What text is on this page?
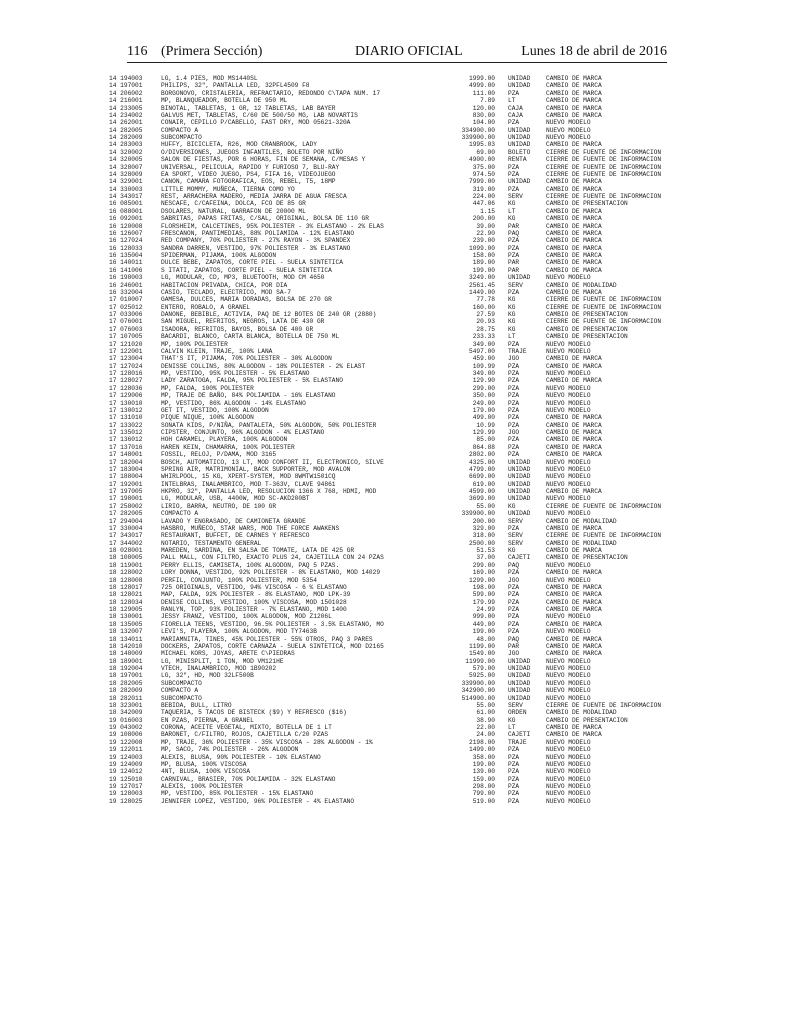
116 (Primera Sección)	DIARIO OFICIAL	Lunes 18 de abril de 2016
14 194003	LG, 1.4 PIES, MOD MS1440SL	1999.00 UNIDAD	CAMBIO DE MARCA
14 197001	PHILIPS, 32", PANTALLA LED, 32PFL4509 F8	4999.00 UNIDAD	CAMBIO DE MARCA
14 206002	BORGONOVO, CRISTALERIA, REFRACTARIO, REDONDO C\TAPA NUM. 17	111.00 PZA	CAMBIO DE MARCA
14 216001	MP, BLANQUEADOR, BOTELLA DE 950 ML	7.89 LT	CAMBIO DE MARCA
14 233005	BINOTAL, TABLETAS, 1 GR, 12 TABLETAS, LAB BAYER	120.00 CAJA	CAMBIO DE MARCA
14 234002	GALVUS MET, TABLETAS, C/60 DE 500/50 MG, LAB NOVARTIS	830.00 CAJA	CAMBIO DE MARCA
14 262001	CONAIR, CEPILLO P/CABELLO, FAST DRY, MOD 05621-320A	104.00 PZA	NUEVO MODELO
14 282005	COMPACTO A	334900.00 UNIDAD	NUEVO MODELO
14 282009	SUBCOMPACTO	339900.00 UNIDAD	NUEVO MODELO
14 283003	HUFFY, BICICLETA, R26, MOD CRANBROOK, LADY	1995.03 UNIDAD	CAMBIO DE MARCA
14 320002	O/DIVERSIONES, JUEGOS INFANTILES, BOLETO POR NIÑO	69.00 BOLETO	CIERRE DE FUENTE DE INFORMACION
14 320005	SALON DE FIESTAS, POR 6 HORAS, FIN DE SEMANA, C/MESAS Y	4900.00 RENTA	CIERRE DE FUENTE DE INFORMACION
14 328007	UNIVERSAL, PELICULA, RAPIDO Y FURIOSO 7, BLU-RAY	375.00 PZA	CIERRE DE FUENTE DE INFORMACION
14 328009	EA SPORT, VIDEO JUEGO, PS4, FIFA 16, VIDEOJUEGO	974.50 PZA	CIERRE DE FUENTE DE INFORMACION
14 329001	CANON, CAMARA FOTOGRAFICA, EOS, REBEL, T5, 18MP	7999.00 UNIDAD	CAMBIO DE MARCA
14 330003	LITTLE MOMMY, MUÑECA, TIERNA COMO YO	319.00 PZA	CAMBIO DE MARCA
14 343017	REST, ARRACHERA MADERO, MEDIA JARRA DE AGUA FRESCA	224.00 SERV	CIERRE DE FUENTE DE INFORMACION
16 085001	NESCAFE, C/CAFEINA, DOLCA, FCO DE 85 GR	447.06 KG	CAMBIO DE PRESENTACION
16 088001	DSOLARES, NATURAL, GARRAFON DE 20000 ML	1.15 LT	CAMBIO DE MARCA
16 092001	SABRITAS, PAPAS FRITAS, C/SAL, ORIGINAL, BOLSA DE 110 GR	200.00 KG	CAMBIO DE MARCA
16 120008	FLORSHEIM, CALCETINES, 95% POLIESTER - 3% ELASTANO - 2% ELAS	39.00 PAR	CAMBIO DE MARCA
16 126007	FRESCANON, PANTIMEDIAS, 88% POLIAMIDA - 12% ELASTANO	22.90 PAQ	CAMBIO DE MARCA
16 127024	RED COMPANY, 70% POLIESTER - 27% RAYON - 3% SPANDEX	239.00 PZA	CAMBIO DE MARCA
16 128033	SANDRA DARREN, VESTIDO, 97% POLIESTER - 3% ELASTANO	1099.00 PZA	CAMBIO DE MARCA
16 135004	SPIDERMAN, PIJAMA, 100% ALGODON	158.00 PZA	CAMBIO DE MARCA
16 140011	DULCE BEBE, ZAPATOS, CORTE PIEL - SUELA SINTETICA	189.00 PAR	CAMBIO DE MARCA
16 141006	S ITATI, ZAPATOS, CORTE PIEL - SUELA SINTETICA	199.00 PAR	CAMBIO DE MARCA
16 198003	LG, MODULAR, CD, MP3, BLUETOOTH, MOD CM 4650	3249.00 UNIDAD	NUEVO MODELO
16 246001	HABITACION PRIVADA, CHICA, POR DIA	2561.45 SERV	CAMBIO DE MODALIDAD
16 332004	CASIO, TECLADO, ELECTRICO, MOD SA-7	1449.00 PZA	CAMBIO DE MARCA
17 010007	GAMESA, DULCES, MARIA DORADAS, BOLSA DE 270 GR	77.78 KG	CIERRE DE FUENTE DE INFORMACION
17 025012	ENTERO, ROBALO, A GRANEL	160.00 KG	CIERRE DE FUENTE DE INFORMACION
17 033006	DANONE, BEBIBLE, ACTIVIA, PAQ DE 12 BOTES DE 240 GR (2880)	27.59 KG	CAMBIO DE PRESENTACION
17 076001	SAN MIGUEL, REFRITOS, NEGROS, LATA DE 430 GR	20.93 KG	CIERRE DE FUENTE DE INFORMACION
17 076003	ISADORA, REFRITOS, BAYOS, BOLSA DE 400 GR	28.75 KG	CAMBIO DE PRESENTACION
17 107005	BACARDI, BLANCO, CARTA BLANCA, BOTELLA DE 750 ML	233.33 LT	CAMBIO DE PRESENTACION
17 121020	MP, 100% POLIESTER	349.00 PZA	NUEVO MODELO
17 122001	CALVIN KLEIN, TRAJE, 100% LANA	5497.00 TRAJE	NUEVO MODELO
17 123004	THAT'S IT, PIJAMA, 70% POLIESTER - 30% ALGODON	459.00 JGO	CAMBIO DE MARCA
17 127024	DENISSE COLLINS, 80% ALGODON - 18% POLIESTER - 2% ELAST	109.99 PZA	CAMBIO DE MARCA
17 128016	MP, VESTIDO, 95% POLIESTER - 5% ELASTANO	349.00 PZA	NUEVO MODELO
17 128027	LADY ZARATOGA, FALDA, 95% POLIESTER - 5% ELASTANO	129.90 PZA	CAMBIO DE MARCA
17 128036	MP, FALDA, 100% POLIESTER	299.00 PZA	NUEVO MODELO
17 129006	MP, TRAJE DE BAÑO, 84% POLIAMIDA - 16% ELASTANO	350.00 PZA	NUEVO MODELO
17 130010	MP, VESTIDO, 86% ALGODON - 14% ELASTANO	249.00 PZA	NUEVO MODELO
17 130012	GET IT, VESTIDO, 100% ALGODON	179.00 PZA	NUEVO MODELO
17 131010	PIQUE NIQUE, 100% ALGODON	499.00 PZA	CAMBIO DE MARCA
17 133022	SONATA KIDS, P/NIÑA, PANTALETA, 50% ALGODON, 50% POLIESTER	10.99 PZA	CAMBIO DE MARCA
17 135012	CIPSTER, CONJUNTO, 96% ALGODON - 4% ELASTANO	129.99 JGO	CAMBIO DE MARCA
17 136012	HOH CARAMEL, PLAYERA, 100% ALGODON	85.00 PZA	CAMBIO DE MARCA
17 137016	HAREN KEIN, CHAMARRA, 100% POLIESTER	864.88 PZA	CAMBIO DE MARCA
17 148001	FOSSIL, RELOJ, P/DAMA, MOD 3165	2802.00 PZA	CAMBIO DE MARCA
17 182004	BOSCH, AUTOMATICO, 13 LT, MOD CONFORT II, ELECTRONICO, SILVE	4325.00 UNIDAD	NUEVO MODELO
17 183004	SPRING AIR, MATRIMONIAL, BACK SUPPORTER, MOD AVALON	4799.00 UNIDAD	NUEVO MODELO
17 188004	WHIRLPOOL, 15 KG, XPERT-SYSTEM, MOD 8WMTW1501CQ	6699.00 UNIDAD	NUEVO MODELO
17 192001	INTELBRAS, INALAMBRICO, MOD T-363V, CLAVE 94861	619.00 UNIDAD	NUEVO MODELO
17 197005	HKPRO, 32", PANTALLA LED, RESOLUCION 1366 X 768, HDMI, MOD	4599.00 UNIDAD	CAMBIO DE MARCA
17 198001	LG, MODULAR, USB, 4400W, MOD SC-AKD200BT	3699.00 UNIDAD	NUEVO MODELO
17 258002	LIRIO, BARRA, NEUTRO, DE 100 GR	55.00 KG	CIERRE DE FUENTE DE INFORMACION
17 282005	COMPACTO A	339900.00 UNIDAD	NUEVO MODELO
17 294004	LAVADO Y ENGRASADO, DE CAMIONETA GRANDE	200.00 SERV	CAMBIO DE MODALIDAD
17 330004	HASBRO, MUÑECO, STAR WARS, MOD THE FORCE AWAKENS	329.00 PZA	CAMBIO DE MARCA
17 343017	RESTAURANT, BUFFET, DE CARNES Y REFRESCO	318.00 SERV	CIERRE DE FUENTE DE INFORMACION
17 344002	NOTARIO, TESTAMENTO GENERAL	2500.00 SERV	CAMBIO DE MODALIDAD
18 028001	MAREDEN, SARDINA, EN SALSA DE TOMATE, LATA DE 425 GR	51.53 KG	CAMBIO DE MARCA
18 108005	PALL MALL, CON FILTRO, EXACTO PLUS 24, CAJETILLA CON 24 PZAS	37.00 CAJETI	CAMBIO DE PRESENTACION
18 119001	PERRY ELLIS, CAMISETA, 100% ALGODON, PAQ 5 PZAS.	299.00 PAQ	NUEVO MODELO
18 128002	LORY DONNA, VESTIDO, 92% POLIESTER - 8% ELASTANO, MOD 14029	169.00 PZA	CAMBIO DE MARCA
18 128008	PERFIL, CONJUNTO, 100% POLIESTER, MOD 5354	1299.00 JGO	NUEVO MODELO
18 128017	725 ORIGINALS, VESTIDO, 94% VISCOSA - 6 % ELASTANO	198.00 PZA	CAMBIO DE MARCA
18 128021	MAP, FALDA, 92% POLIESTER - 8% ELASTANO, MOD LPK-39	599.00 PZA	CAMBIO DE MARCA
18 128034	DENISE COLLINS, VESTIDO, 100% VISCOSA, MOD 1501028	179.99 PZA	CAMBIO DE MARCA
18 129005	RANLYN, TOP, 93% POLIESTER - 7% ELASTANO, MOD 1400	24.99 PZA	CAMBIO DE MARCA
18 130001	JESSY FRANZ, VESTIDO, 100% ALGODON, MOD Z1206L	999.00 PZA	NUEVO MODELO
18 135005	FIORELLA TEENS, VESTIDO, 96.5% POLIESTER - 3.5% ELASTANO, MO	449.00 PZA	CAMBIO DE MARCA
18 132007	LEVI'S, PLAYERA, 100% ALGODON, MOD TY7463B	199.00 PZA	NUEVO MODELO
18 134011	MARIAMNITA, TINES, 45% POLIESTER - 55% OTROS, PAQ 3 PARES	48.00 PAQ	CAMBIO DE MARCA
18 142010	DOCKERS, ZAPATOS, CORTE CARNAZA - SUELA SINTETICA, MOD D2165	1199.00 PAR	CAMBIO DE MARCA
18 148009	MICHAEL KORS, JOYAS, ARETE C\PIEDRAS	1549.00 JGO	CAMBIO DE MARCA
18 189001	LG, MINISPLIT, 1 TON, MOD VM121HE	11999.00 UNIDAD	NUEVO MODELO
18 192004	VTECH, INALAMBRICO, MOD 1B90202	579.00 UNIDAD	NUEVO MODELO
18 197001	LG, 32", HD, MOD 32LF500B	5925.00 UNIDAD	NUEVO MODELO
18 282005	SUBCOMPACTO	339900.00 UNIDAD	NUEVO MODELO
18 282009	COMPACTO A	342900.00 UNIDAD	NUEVO MODELO
18 282011	SUBCOMPACTO	514900.00 UNIDAD	NUEVO MODELO
18 323001	BEBIDA, BULL, LITRO	55.00 SERV	CIERRE DE FUENTE DE INFORMACION
18 342009	TAQUERIA, 5 TACOS DE BISTECK ($9) Y REFRESCO ($16)	61.00 ORDEN	CAMBIO DE MODALIDAD
19 016003	EN PZAS, PIERNA, A GRANEL	38.90 KG	CAMBIO DE PRESENTACION
19 043002	CORONA, ACEITE VEGETAL, MIXTO, BOTELLA DE 1 LT	22.00 LT	CAMBIO DE MARCA
19 108006	BARONET, C/FILTRO, ROJOS, CAJETILLA C/20 PZAS	24.00 CAJETI	CAMBIO DE MARCA
19 122008	MP, TRAJE, 36% POLIESTER - 35% VISCOSA - 28% ALGODON - 1%	2198.00 TRAJE	NUEVO MODELO
19 122011	MP, SACO, 74% POLIESTER - 26% ALGODON	1499.00 PZA	NUEVO MODELO
19 124003	ALEXIS, BLUSA, 90% POLIESTER - 10% ELASTANO	358.00 PZA	NUEVO MODELO
19 124009	MP, BLUSA, 100% VISCOSA	199.00 PZA	NUEVO MODELO
19 124012	4NT, BLUSA, 100% VISCOSA	139.00 PZA	NUEVO MODELO
19 125010	CARNIVAL, BRASIER, 70% POLIAMIDA - 32% ELASTANO	159.00 PZA	NUEVO MODELO
19 127017	ALEXIS, 100% POLIESTER	298.00 PZA	NUEVO MODELO
19 128003	MP, VESTIDO, 85% POLIESTER - 15% ELASTANO	799.00 PZA	NUEVO MODELO
19 128025	JENNIFER LOPEZ, VESTIDO, 96% POLIESTER - 4% ELASTANO	519.00 PZA	NUEVO MODELO
